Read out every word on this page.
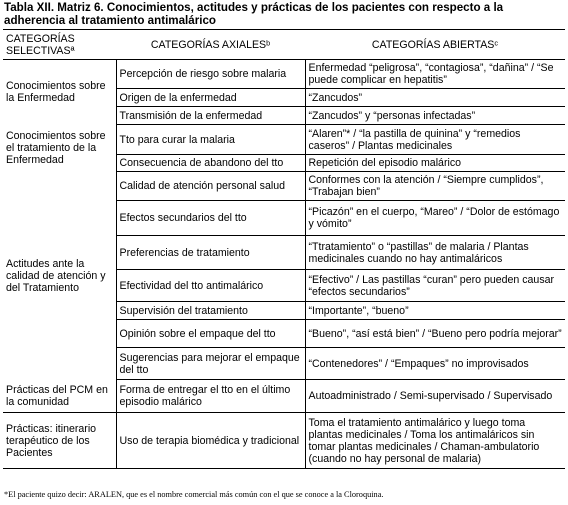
Tabla XII. Matriz 6. Conocimientos, actitudes y prácticas de los pacientes con respecto a la adherencia al tratamiento antimalárico
CATEGORÍAS SELECTIVASª	CATEGORÍAS AXIALESᵇ	CATEGORÍAS ABIERTASᶜ
Conocimientos sobre la Enfermedad	Percepción de riesgo sobre malaria	Enfermedad “peligrosa”, “contagiosa”, “dañina” / “Se puede complicar en hepatitis”
	Origen de la enfermedad	“Zancudos”
	Transmisión de la enfermedad	“Zancudos” y “personas infectadas”
Conocimientos sobre el tratamiento de la Enfermedad	Tto para curar la malaria	“Alaren”* / “la pastilla de quinina” y “remedios caseros” / Plantas medicinales
	Consecuencia de abandono del tto	Repetición del episodio malárico
Actitudes ante la calidad de atención y del Tratamiento	Calidad de atención personal salud	Conformes con la atención / “Siempre cumplidos”, “Trabajan bien”
	Efectos secundarios del tto	“Picazón” en el cuerpo, “Mareo” / “Dolor de estómago y vómito”
	Preferencias de tratamiento	“Ttratamiento” o “pastillas” de malaria / Plantas medicinales cuando no hay antimaláricos
	Efectividad del tto antimalárico	“Efectivo” / Las pastillas “curan” pero pueden causar “efectos secundarios”
	Supervisión del tratamiento	“Importante”, “bueno”
	Opinión sobre el empaque del tto	“Bueno”, “así está bien” / “Bueno pero podría mejorar”
	Sugerencias para mejorar el empaque del tto	“Contenedores” / “Empaques” no improvisados
Prácticas del PCM en la comunidad	Forma de entregar el tto en el último episodio malárico	Autoadministrado / Semi-supervisado / Supervisado
Prácticas: itinerario terapéutico de los Pacientes	Uso de terapia biomédica y tradicional	Toma el tratamiento antimalárico y luego toma plantas medicinales / Toma los antimaláricos sin tomar plantas medicinales / Chaman-ambulatorio (cuando no hay personal de malaria)
*El paciente quizo decir: ARALEN, que es el nombre comercial más común con el que se conoce a la Cloroquina.
